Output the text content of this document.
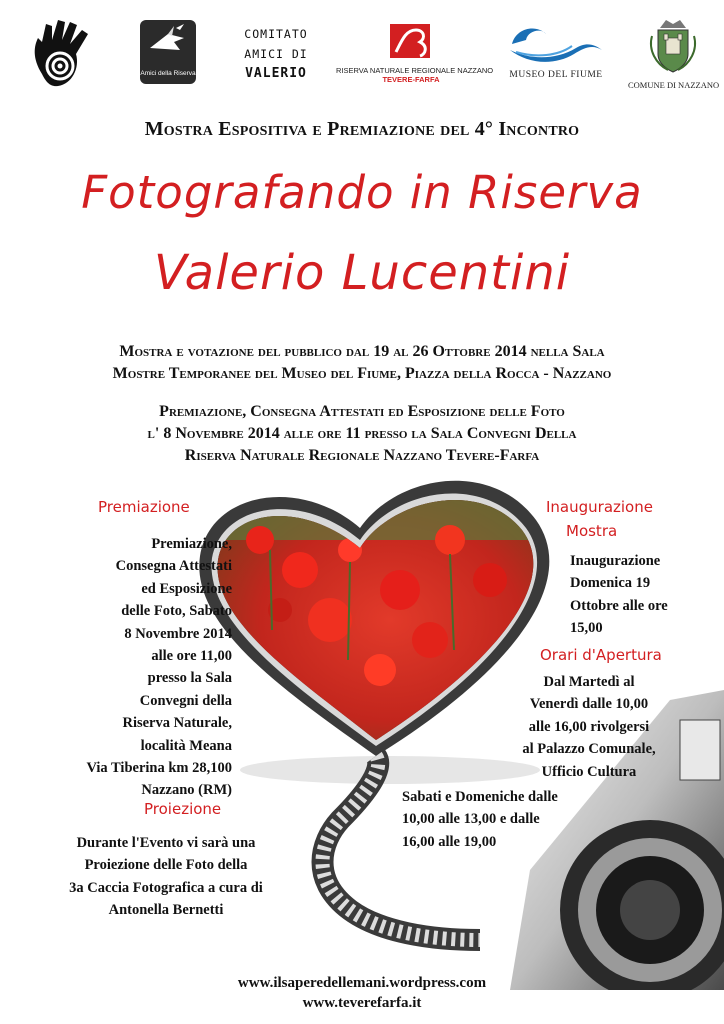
Amici della Riserva
COMITATO
AMICI DI
VALERIO	RISERVA NATURALE REGIONALE NAZZANO
TEVERE-FARFA	MUSEO DEL FIUME
COMUNE DI NAZZANO
Mostra Espositiva e Premiazione del 4° Incontro
Fotografando in Riserva
Valerio Lucentini
Mostra e votazione del pubblico dal 19 al 26 Ottobre 2014 nella Sala
Mostre Temporanee del Museo del Fiume, Piazza della Rocca - Nazzano
Premiazione, Consegna Attestati ed Esposizione delle Foto
l' 8 Novembre 2014 alle ore 11 presso la Sala Convegni Della
Riserva Naturale Regionale Nazzano Tevere-Farfa
Premiazione
Premiazione,
Consegna Attestati
ed Esposizione
delle Foto, Sabato
8 Novembre 2014
alle ore 11,00
presso la Sala
Convegni della
Riserva Naturale,
località Meana
Via Tiberina km 28,100
Nazzano (RM)
Proiezione
Durante l'Evento vi sarà una
Proiezione delle Foto della
3a Caccia Fotografica a cura di
Antonella Bernetti
Inaugurazione
Mostra
Inaugurazione
Domenica 19
Ottobre alle ore
15,00
Orari d'Apertura
Dal Martedì al
Venerdì dalle 10,00
alle 16,00 rivolgersi
al Palazzo Comunale,
Ufficio Cultura
Sabati e Domeniche dalle
10,00 alle 13,00 e dalle
16,00 alle 19,00
www.ilsaperedellemani.wordpress.com
www.teverefarfa.it
